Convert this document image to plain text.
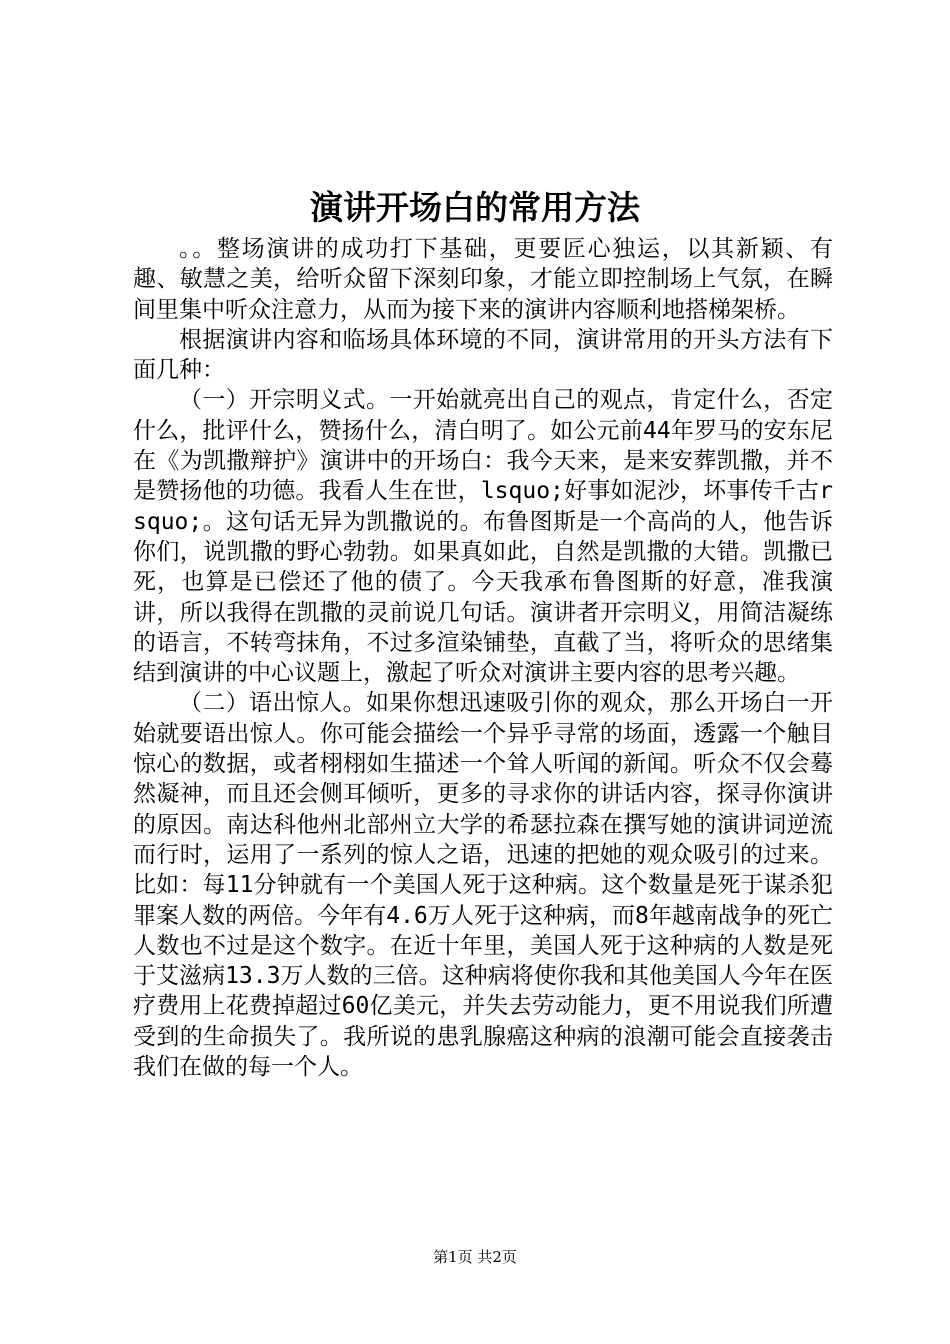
演讲开场白的常用方法

。。整场演讲的成功打下基础，更要匠心独运，以其新颖、有趣、敏慧之美，给听众留下深刻印象，才能立即控制场上气氛，在瞬间里集中听众注意力，从而为接下来的演讲内容顺利地搭梯架桥。

根据演讲内容和临场具体环境的不同，演讲常用的开头方法有下面几种：

（一）开宗明义式。一开始就亮出自己的观点，肯定什么，否定什么，批评什么，赞扬什么，清白明了。如公元前44年罗马的安东尼在《为凯撒辩护》演讲中的开场白：我今天来，是来安葬凯撒，并不是赞扬他的功德。我看人生在世，lsquo;好事如泥沙，坏事传千古rsquo;。这句话无异为凯撒说的。布鲁图斯是一个高尚的人，他告诉你们，说凯撒的野心勃勃。如果真如此，自然是凯撒的大错。凯撒已死，也算是已偿还了他的债了。今天我承布鲁图斯的好意，准我演讲，所以我得在凯撒的灵前说几句话。演讲者开宗明义，用简洁凝练的语言，不转弯抹角，不过多渲染铺垫，直截了当，将听众的思绪集结到演讲的中心议题上，激起了听众对演讲主要内容的思考兴趣。

（二）语出惊人。如果你想迅速吸引你的观众，那么开场白一开始就要语出惊人。你可能会描绘一个异乎寻常的场面，透露一个触目惊心的数据，或者栩栩如生描述一个耸人听闻的新闻。听众不仅会蓦然凝神，而且还会侧耳倾听，更多的寻求你的讲话内容，探寻你演讲的原因。南达科他州北部州立大学的希瑟拉森在撰写她的演讲词逆流而行时，运用了一系列的惊人之语，迅速的把她的观众吸引的过来。比如：每11分钟就有一个美国人死于这种病。这个数量是死于谋杀犯罪案人数的两倍。今年有4.6万人死于这种病，而8年越南战争的死亡人数也不过是这个数字。在近十年里，美国人死于这种病的人数是死于艾滋病13.3万人数的三倍。这种病将使你我和其他美国人今年在医疗费用上花费掉超过60亿美元，并失去劳动能力，更不用说我们所遭受到的生命损失了。我所说的患乳腺癌这种病的浪潮可能会直接袭击我们在做的每一个人。

第1页 共2页
